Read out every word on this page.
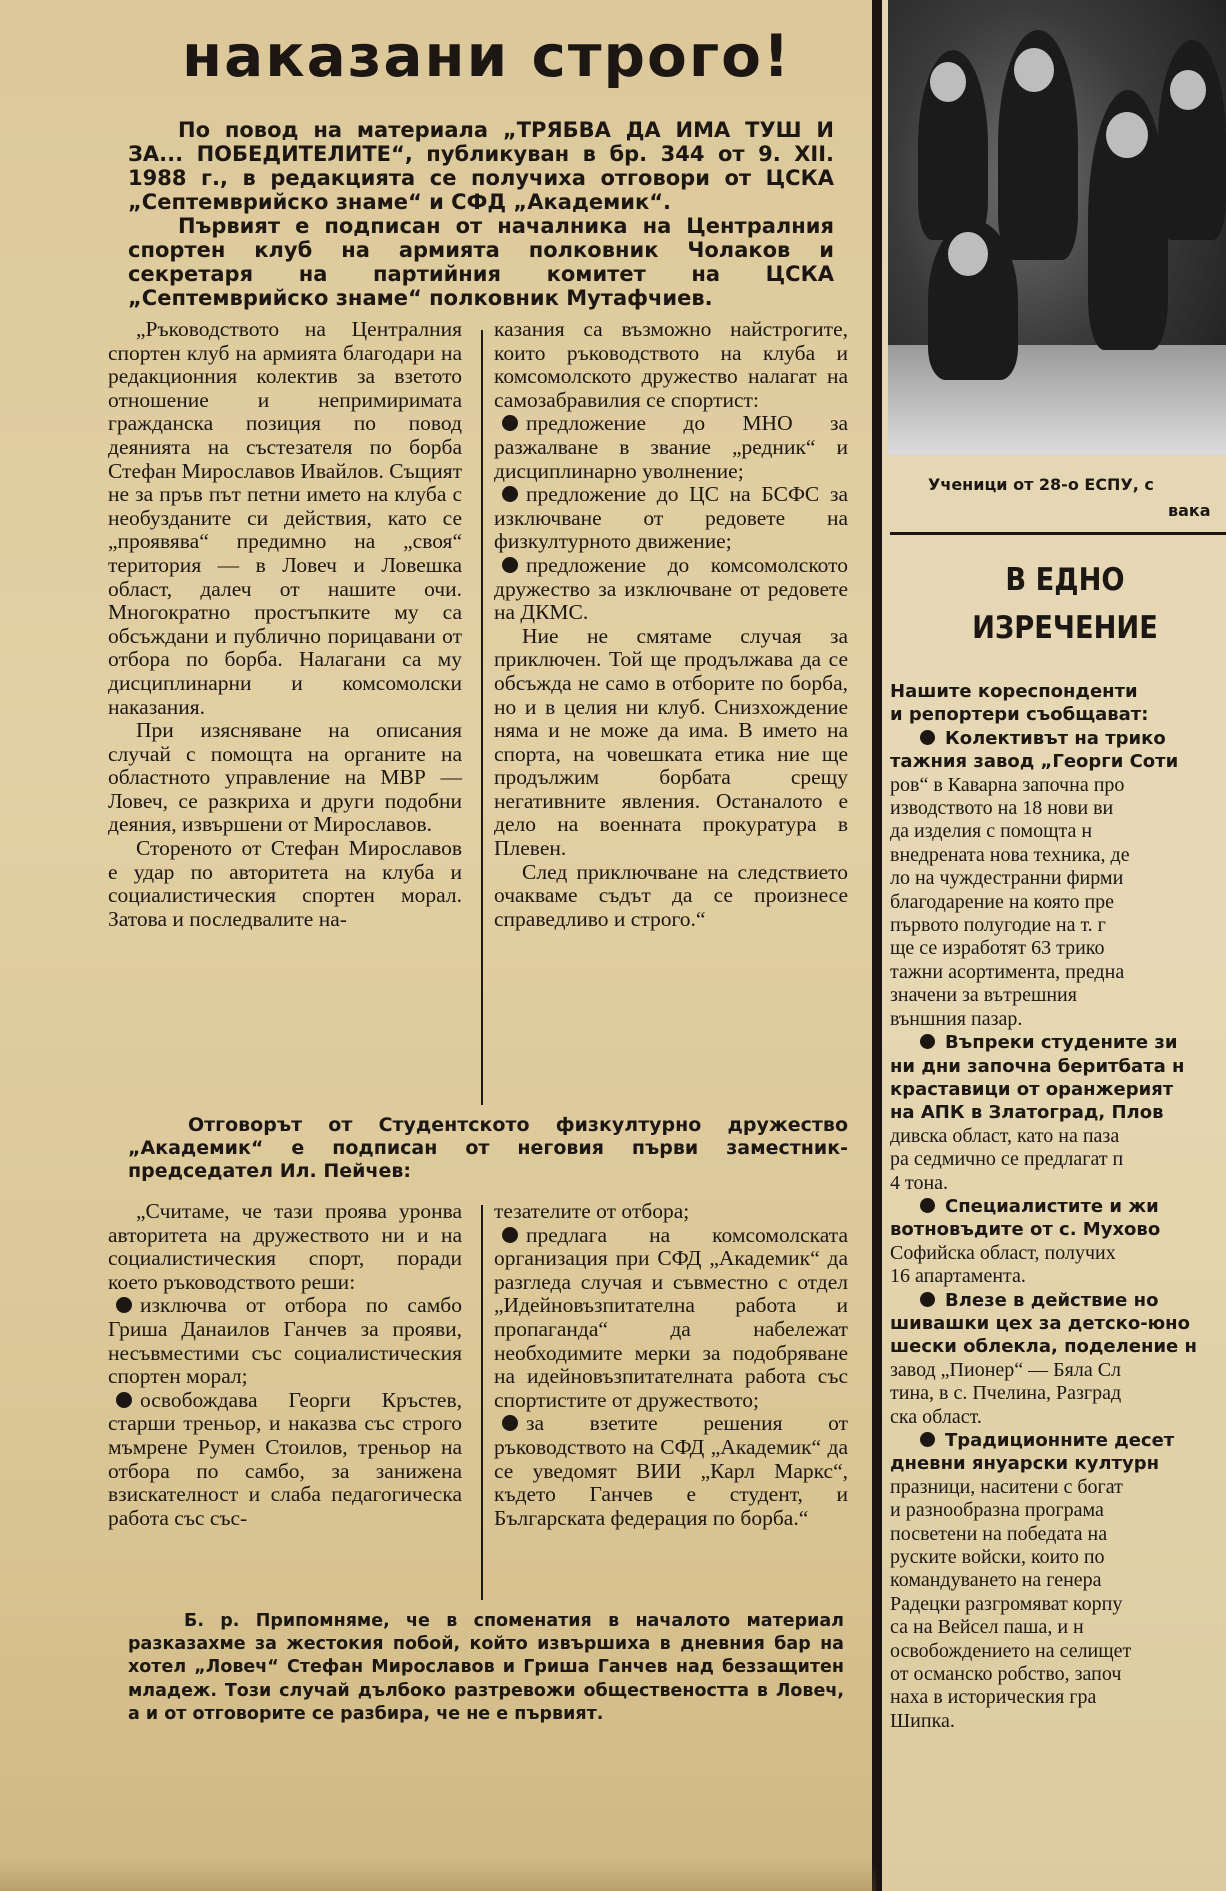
наказани строго!

По повод на материала „ТРЯБВА ДА ИМА ТУШ И ЗА... ПОБЕДИТЕЛИТЕ“, публикуван в бр. 344 от 9. XII. 1988 г., в редакцията се получиха отговори от ЦСКА „Септемврийско знаме“ и СФД „Академик“.

Първият е подписан от началника на Централния спортен клуб на армията полковник Чолаков и секретаря на партийния комитет на ЦСКА „Септемврийско знаме“ полковник Мутафчиев.

„Ръководството на Централния спортен клуб на армията благодари на редакционния колектив за взетото отношение и непримиримата гражданска позиция по повод деянията на състезателя по борба Стефан Мирославов Ивайлов. Същият не за пръв път петни името на клуба с необузданите си действия, като се „проявява“ предимно на „своя“ територия — в Ловеч и Ловешка област, далеч от нашите очи. Многократно простъпките му са обсъждани и публично порицавани от отбора по борба. Налагани са му дисциплинарни и комсомолски наказания.

При изясняване на описания случай с помощта на органите на областното управление на МВР — Ловеч, се разкриха и други подобни деяния, извършени от Мирославов.

Стореното от Стефан Мирославов е удар по авторитета на клуба и социалистическия спортен морал. Затова и последвалите на-

казания са възможно найстрогите, които ръководството на клуба и комсомолското дружество налагат на самозабравилия се спортист:

предложение до МНО за разжалване в звание „редник“ и дисциплинарно уволнение;

предложение до ЦС на БСФС за изключване от редовете на физкултурното движение;

предложение до комсомолското дружество за изключване от редовете на ДКМС.

Ние не смятаме случая за приключен. Той ще продължава да се обсъжда не само в отборите по борба, но и в целия ни клуб. Снизхождение няма и не може да има. В името на спорта, на човешката етика ние ще продължим борбата срещу негативните явления. Останалото е дело на военната прокуратура в Плевен.

След приключване на следствието очакваме съдът да се произнесе справедливо и строго.“

Отговорът от Студентското физкултурно дружество „Академик“ е подписан от неговия първи заместник-председател Ил. Пейчев:

„Считаме, че тази проява уронва авторитета на дружеството ни и на социалистическия спорт, поради което ръководството реши:

изключва от отбора по самбо Гриша Данаилов Ганчев за прояви, несъвместими със социалистическия спортен морал;

освобождава Георги Кръстев, старши треньор, и наказва със строго мъмрене Румен Стоилов, треньор на отбора по самбо, за занижена взискателност и слаба педагогическа работа със със-

тезателите от отбора;

предлага на комсомолската организация при СФД „Академик“ да разгледа случая и съвместно с отдел „Идейновъзпитателна работа и пропаганда“ да набележат необходимите мерки за подобряване на идейновъзпитателната работа със спортистите от дружеството;

за взетите решения от ръководството на СФД „Академик“ да се уведомят ВИИ „Карл Маркс“, където Ганчев е студент, и Българската федерация по борба.“

Б. р. Припомняме, че в споменатия в началото материал разказахме за жестокия побой, който извършиха в дневния бар на хотел „Ловеч“ Стефан Мирославов и Гриша Ганчев над беззащитен младеж. Този случай дълбоко разтревожи обществеността в Ловеч, а и от отговорите се разбира, че не е първият.

Ученици от 28-о ЕСПУ, с
вака
В ЕДНО
ИЗРЕЧЕНИЕ

Нашите кореспонденти

и репортери съобщават:

Колективът на трико

тажния завод „Георги Соти

ров“ в Каварна започна про

изводството на 18 нови ви

да изделия с помощта н

внедрената нова техника, де

ло на чуждестранни фирми

благодарение на която пре

първото полугодие на т. г

ще се изработят 63 трико

тажни асортимента, предна

значени за вътрешния

външния пазар.

Въпреки студените зи

ни дни започна беритбата н

краставици от оранжерият

на АПК в Златоград, Плов

дивска област, като на паза

ра седмично се предлагат п

4 тона.

Специалистите и жи

вотновъдите от с. Мухово

Софийска област, получих

16 апартамента.

Влезе в действие но

шивашки цех за детско-юно

шески облекла, поделение н

завод „Пионер“ — Бяла Сл

тина, в с. Пчелина, Разград

ска област.

Традиционните десет

дневни януарски културн

празници, наситени с богат

и разнообразна програма

посветени на победата на

руските войски, които по

командуването на генера

Радецки разгромяват корпу

са на Вейсел паша, и н

освобождението на селищет

от османско робство, започ

наха в историческия гра

Шипка.
